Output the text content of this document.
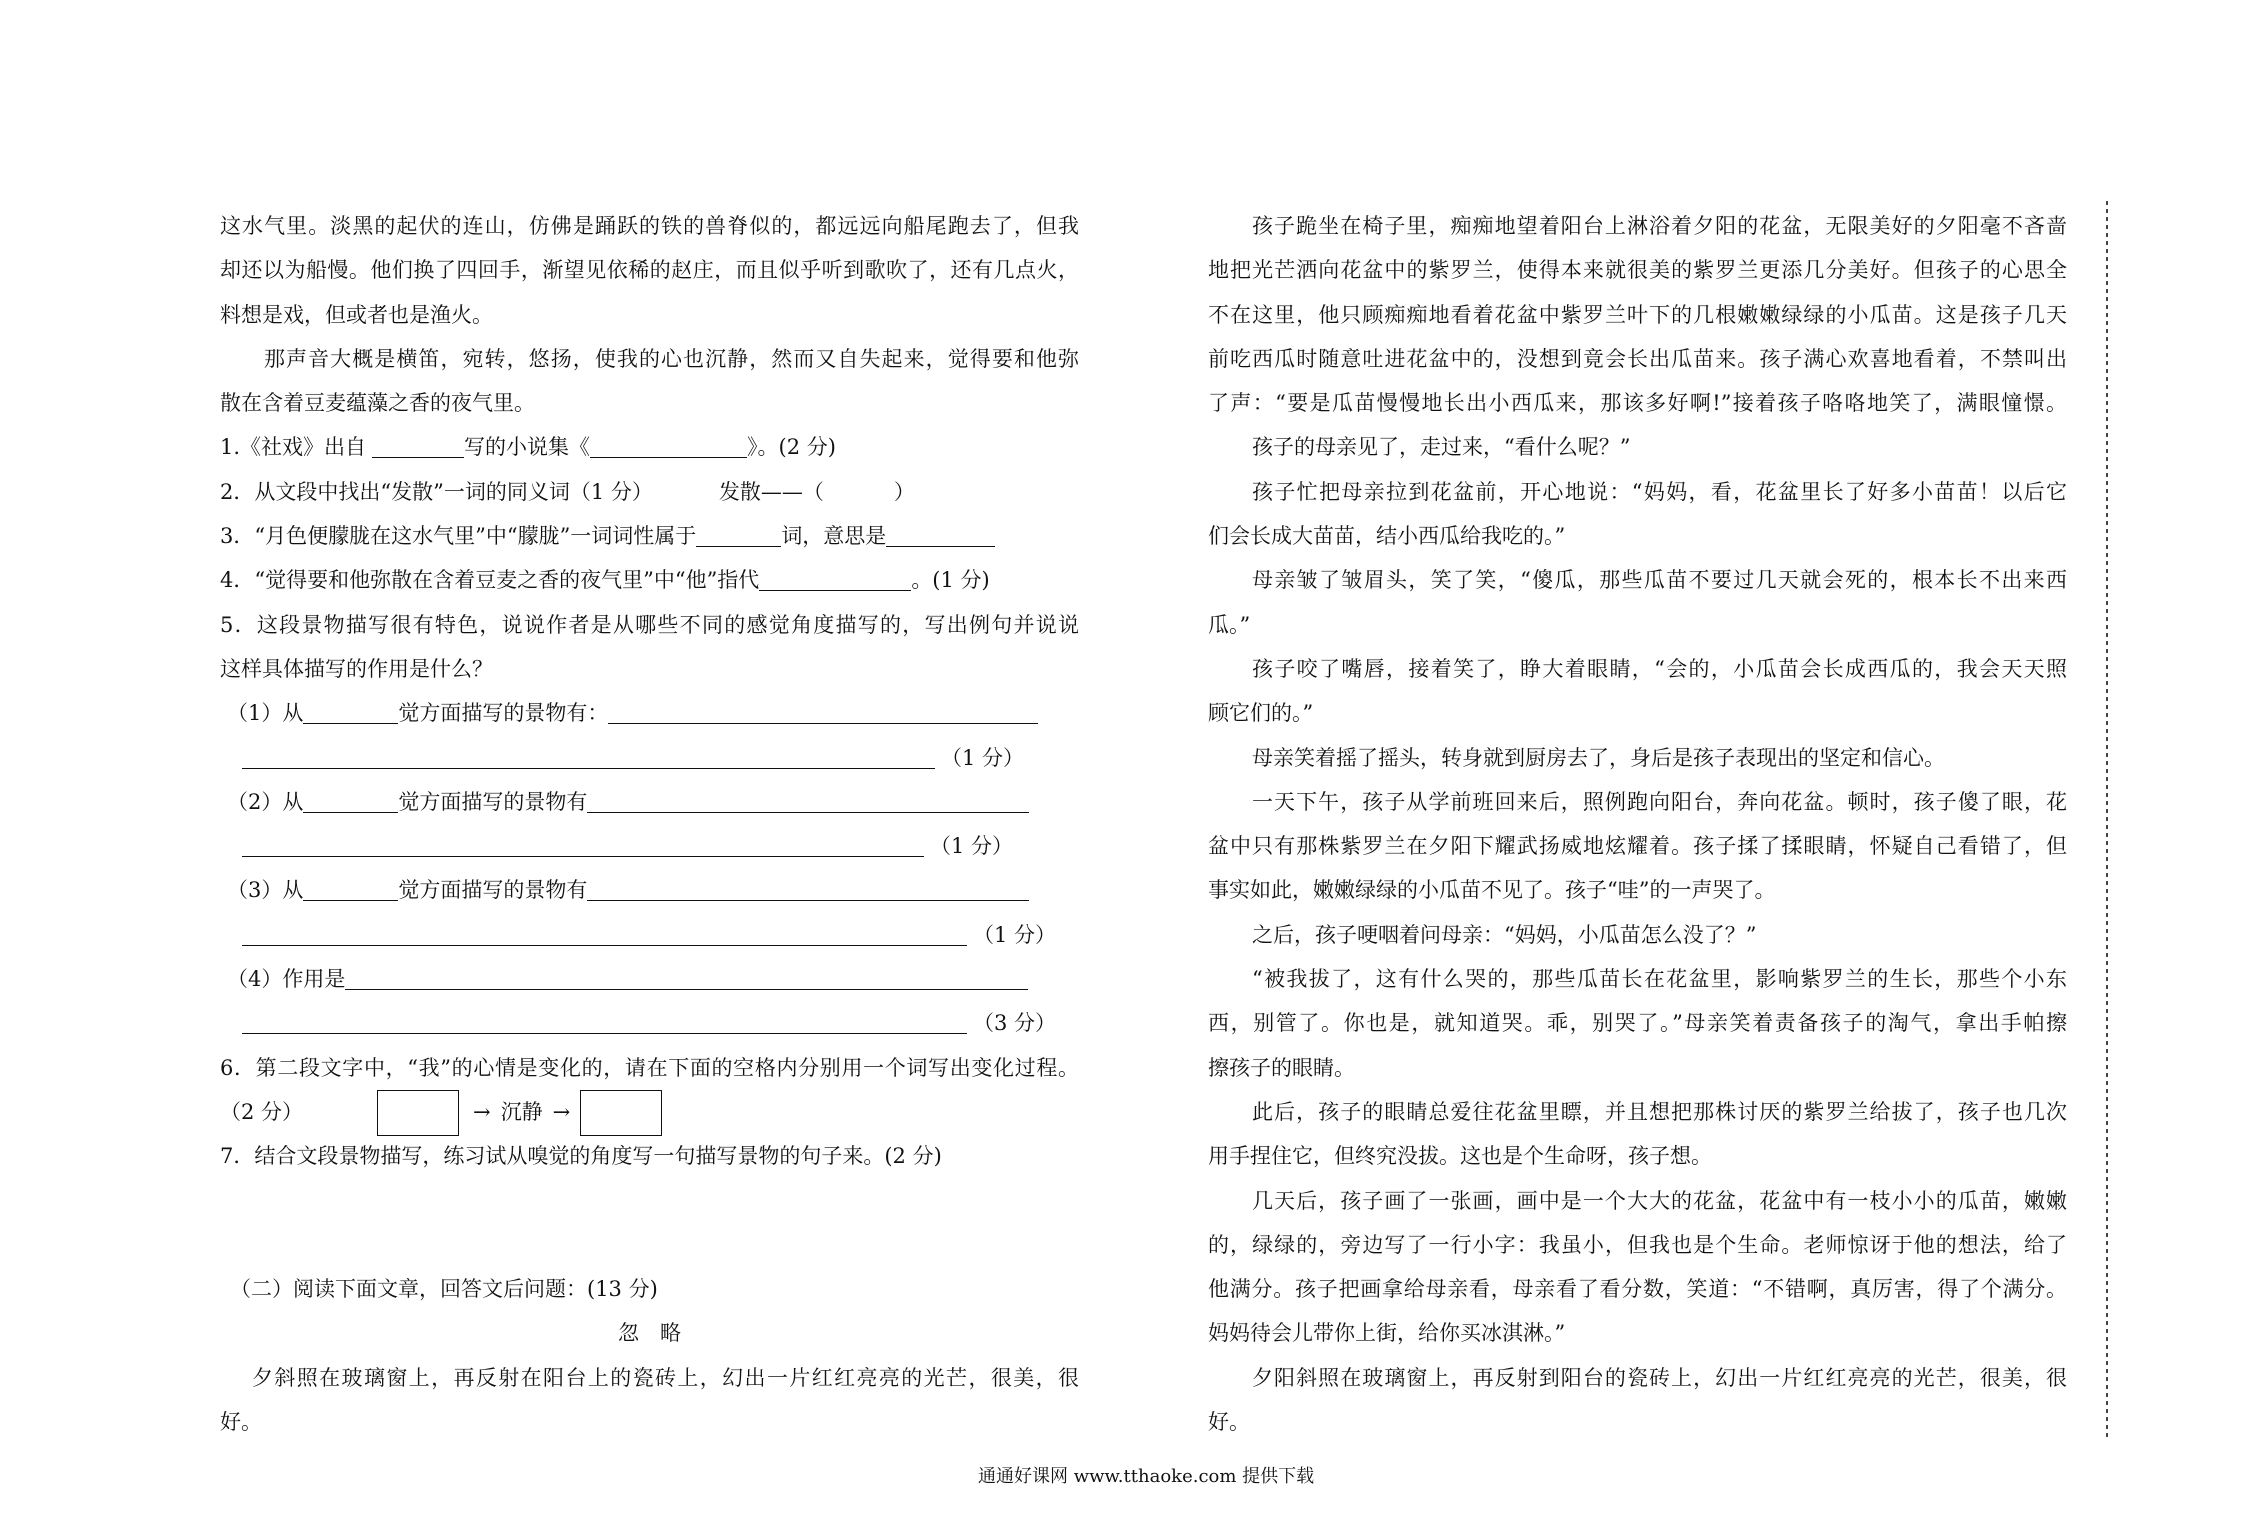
这水气里。淡黑的起伏的连山，仿佛是踊跃的铁的兽脊似的，都远远向船尾跑去了，但我
却还以为船慢。他们换了四回手，渐望见依稀的赵庄，而且似乎听到歌吹了，还有几点火，
料想是戏，但或者也是渔火。
那声音大概是横笛，宛转，悠扬，使我的心也沉静，然而又自失起来，觉得要和他弥
散在含着豆麦蕴藻之香的夜气里。
1.《社戏》出自	写的小说集《	》。(2 分)
2．从文段中找出“发散”一词的同义词（1 分）	发散——（	）
3．“月色便朦胧在这水气里”中“朦胧”一词词性属于	词，意思是
4．“觉得要和他弥散在含着豆麦之香的夜气里”中“他”指代	。(1 分)
5．这段景物描写很有特色，说说作者是从哪些不同的感觉角度描写的，写出例句并说说
这样具体描写的作用是什么？
（1）从	觉方面描写的景物有：
（1 分）
（2）从	觉方面描写的景物有
（1 分）
（3）从	觉方面描写的景物有
（1 分）
（4）作用是
（3 分）
6．第二段文字中，“我”的心情是变化的，请在下面的空格内分别用一个词写出变化过程。
（2 分）	→ 沉静 →
7．结合文段景物描写，练习试从嗅觉的角度写一句描写景物的句子来。(2 分)
（二）阅读下面文章，回答文后问题：(13 分)
忽　略
夕斜照在玻璃窗上，再反射在阳台上的瓷砖上，幻出一片红红亮亮的光芒，很美，很
好。
孩子跪坐在椅子里，痴痴地望着阳台上淋浴着夕阳的花盆，无限美好的夕阳毫不吝啬
地把光芒洒向花盆中的紫罗兰，使得本来就很美的紫罗兰更添几分美好。但孩子的心思全
不在这里，他只顾痴痴地看着花盆中紫罗兰叶下的几根嫩嫩绿绿的小瓜苗。这是孩子几天
前吃西瓜时随意吐进花盆中的，没想到竟会长出瓜苗来。孩子满心欢喜地看着，不禁叫出
了声：“要是瓜苗慢慢地长出小西瓜来，那该多好啊!”接着孩子咯咯地笑了，满眼憧憬。
孩子的母亲见了，走过来，“看什么呢？”
孩子忙把母亲拉到花盆前，开心地说：“妈妈，看，花盆里长了好多小苗苗！以后它
们会长成大苗苗，结小西瓜给我吃的。”
母亲皱了皱眉头，笑了笑，“傻瓜，那些瓜苗不要过几天就会死的，根本长不出来西
瓜。”
孩子咬了嘴唇，接着笑了，睁大着眼睛，“会的，小瓜苗会长成西瓜的，我会天天照
顾它们的。”
母亲笑着摇了摇头，转身就到厨房去了，身后是孩子表现出的坚定和信心。
一天下午，孩子从学前班回来后，照例跑向阳台，奔向花盆。顿时，孩子傻了眼，花
盆中只有那株紫罗兰在夕阳下耀武扬威地炫耀着。孩子揉了揉眼睛，怀疑自己看错了，但
事实如此，嫩嫩绿绿的小瓜苗不见了。孩子“哇”的一声哭了。
之后，孩子哽咽着问母亲：“妈妈，小瓜苗怎么没了？”
“被我拔了，这有什么哭的，那些瓜苗长在花盆里，影响紫罗兰的生长，那些个小东
西，别管了。你也是，就知道哭。乖，别哭了。”母亲笑着责备孩子的淘气，拿出手帕擦
擦孩子的眼睛。
此后，孩子的眼睛总爱往花盆里瞟，并且想把那株讨厌的紫罗兰给拔了，孩子也几次
用手捏住它，但终究没拔。这也是个生命呀，孩子想。
几天后，孩子画了一张画，画中是一个大大的花盆，花盆中有一枝小小的瓜苗，嫩嫩
的，绿绿的，旁边写了一行小字：我虽小，但我也是个生命。老师惊讶于他的想法，给了
他满分。孩子把画拿给母亲看，母亲看了看分数，笑道：“不错啊，真厉害，得了个满分。
妈妈待会儿带你上街，给你买冰淇淋。”
夕阳斜照在玻璃窗上，再反射到阳台的瓷砖上，幻出一片红红亮亮的光芒，很美，很
好。
通通好课网 www.tthaoke.com 提供下载
